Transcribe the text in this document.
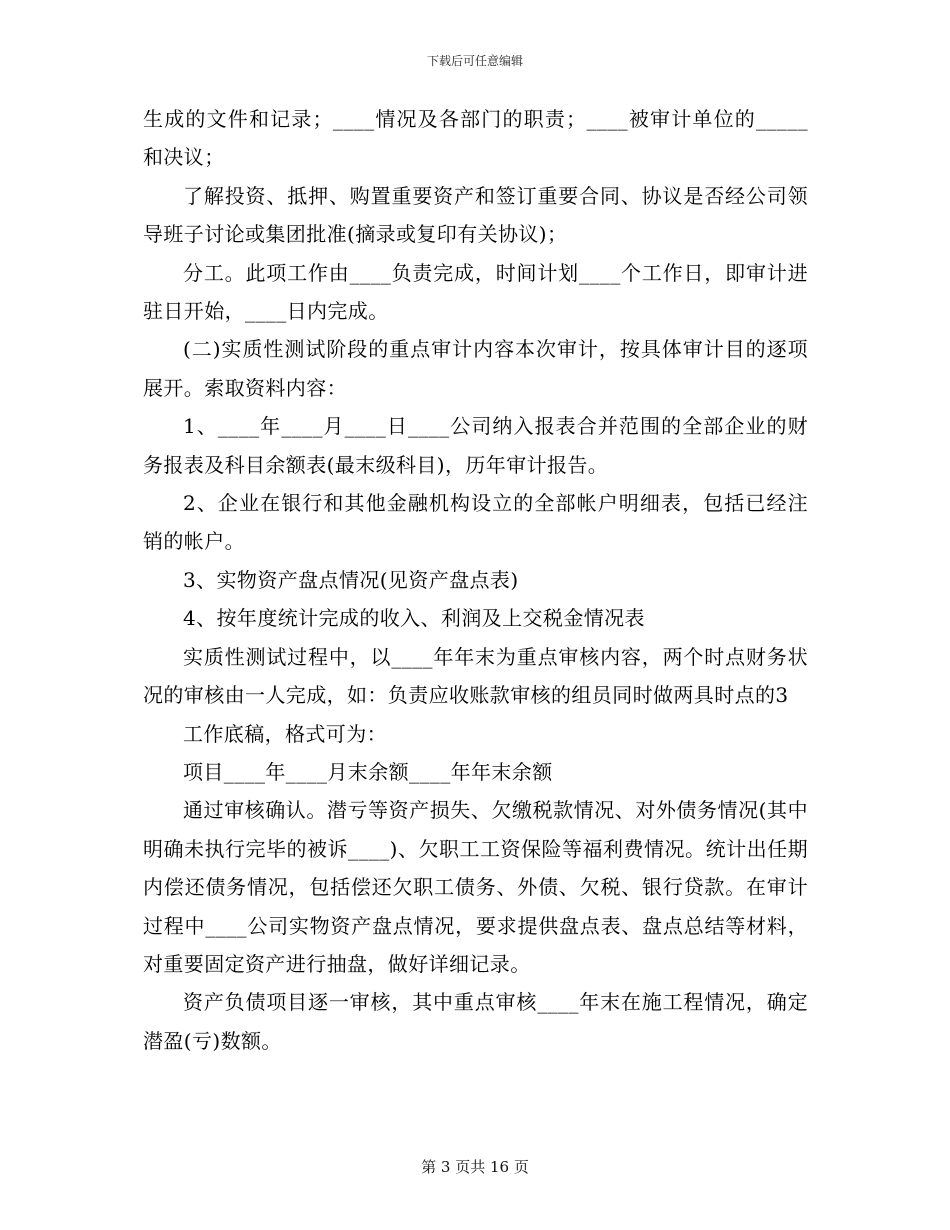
下载后可任意编辑

生成的文件和记录；____情况及各部门的职责；____被审计单位的_____和决议；

了解投资、抵押、购置重要资产和签订重要合同、协议是否经公司领导班子讨论或集团批准(摘录或复印有关协议)；

分工。此项工作由____负责完成，时间计划____个工作日，即审计进驻日开始，____日内完成。

(二)实质性测试阶段的重点审计内容本次审计，按具体审计目的逐项展开。索取资料内容：

1、____年____月____日____公司纳入报表合并范围的全部企业的财务报表及科目余额表(最末级科目)，历年审计报告。

2、企业在银行和其他金融机构设立的全部帐户明细表，包括已经注销的帐户。

3、实物资产盘点情况(见资产盘点表)

4、按年度统计完成的收入、利润及上交税金情况表

实质性测试过程中，以____年年末为重点审核内容，两个时点财务状况的审核由一人完成，如：负责应收账款审核的组员同时做两具时点的3

工作底稿，格式可为：

项目____年____月末余额____年年末余额

通过审核确认。潜亏等资产损失、欠缴税款情况、对外债务情况(其中明确未执行完毕的被诉____)、欠职工工资保险等福利费情况。统计出任期内偿还债务情况，包括偿还欠职工债务、外债、欠税、银行贷款。在审计过程中____公司实物资产盘点情况，要求提供盘点表、盘点总结等材料，对重要固定资产进行抽盘，做好详细记录。

资产负债项目逐一审核，其中重点审核____年末在施工程情况，确定潜盈(亏)数额。

第 3 页共 16 页
